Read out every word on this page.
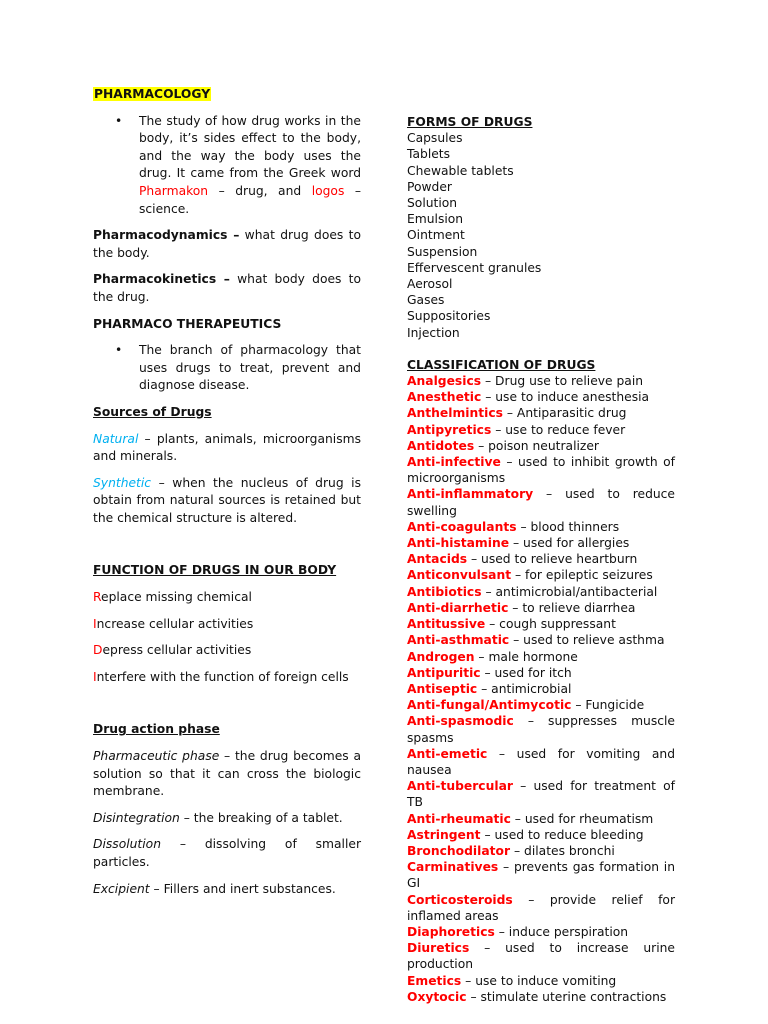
PHARMACOLOGY

• The study of how drug works in the body, it’s sides effect to the body, and the way the body uses the drug. It came from the Greek word Pharmakon – drug, and logos – science.

Pharmacodynamics – what drug does to the body.

Pharmacokinetics – what body does to the drug.

PHARMACO THERAPEUTICS

• The branch of pharmacology that uses drugs to treat, prevent and diagnose disease.

Sources of Drugs

Natural – plants, animals, microorganisms and minerals.

Synthetic – when the nucleus of drug is obtain from natural sources is retained but the chemical structure is altered.

FUNCTION OF DRUGS IN OUR BODY

Replace missing chemical

Increase cellular activities

Depress cellular activities

Interfere with the function of foreign cells

Drug action phase

Pharmaceutic phase – the drug becomes a solution so that it can cross the biologic membrane.

Disintegration – the breaking of a tablet.

Dissolution – dissolving of smaller particles.

Excipient – Fillers and inert substances.

FORMS OF DRUGS

Capsules

Tablets

Chewable tablets

Powder

Solution

Emulsion

Ointment

Suspension

Effervescent granules

Aerosol

Gases

Suppositories

Injection

CLASSIFICATION OF DRUGS

Analgesics – Drug use to relieve pain

Anesthetic – use to induce anesthesia

Anthelmintics – Antiparasitic drug

Antipyretics – use to reduce fever

Antidotes – poison neutralizer

Anti-infective – used to inhibit growth of microorganisms

Anti-inflammatory – used to reduce swelling

Anti-coagulants – blood thinners

Anti-histamine – used for allergies

Antacids – used to relieve heartburn

Anticonvulsant – for epileptic seizures

Antibiotics – antimicrobial/antibacterial

Anti-diarrhetic – to relieve diarrhea

Antitussive – cough suppressant

Anti-asthmatic – used to relieve asthma

Androgen – male hormone

Antipuritic – used for itch

Antiseptic – antimicrobial

Anti-fungal/Antimycotic – Fungicide

Anti-spasmodic – suppresses muscle spasms

Anti-emetic – used for vomiting and nausea

Anti-tubercular – used for treatment of TB

Anti-rheumatic – used for rheumatism

Astringent – used to reduce bleeding

Bronchodilator – dilates bronchi

Carminatives – prevents gas formation in GI

Corticosteroids – provide relief for inflamed areas

Diaphoretics – induce perspiration

Diuretics – used to increase urine production

Emetics – use to induce vomiting

Oxytocic – stimulate uterine contractions
